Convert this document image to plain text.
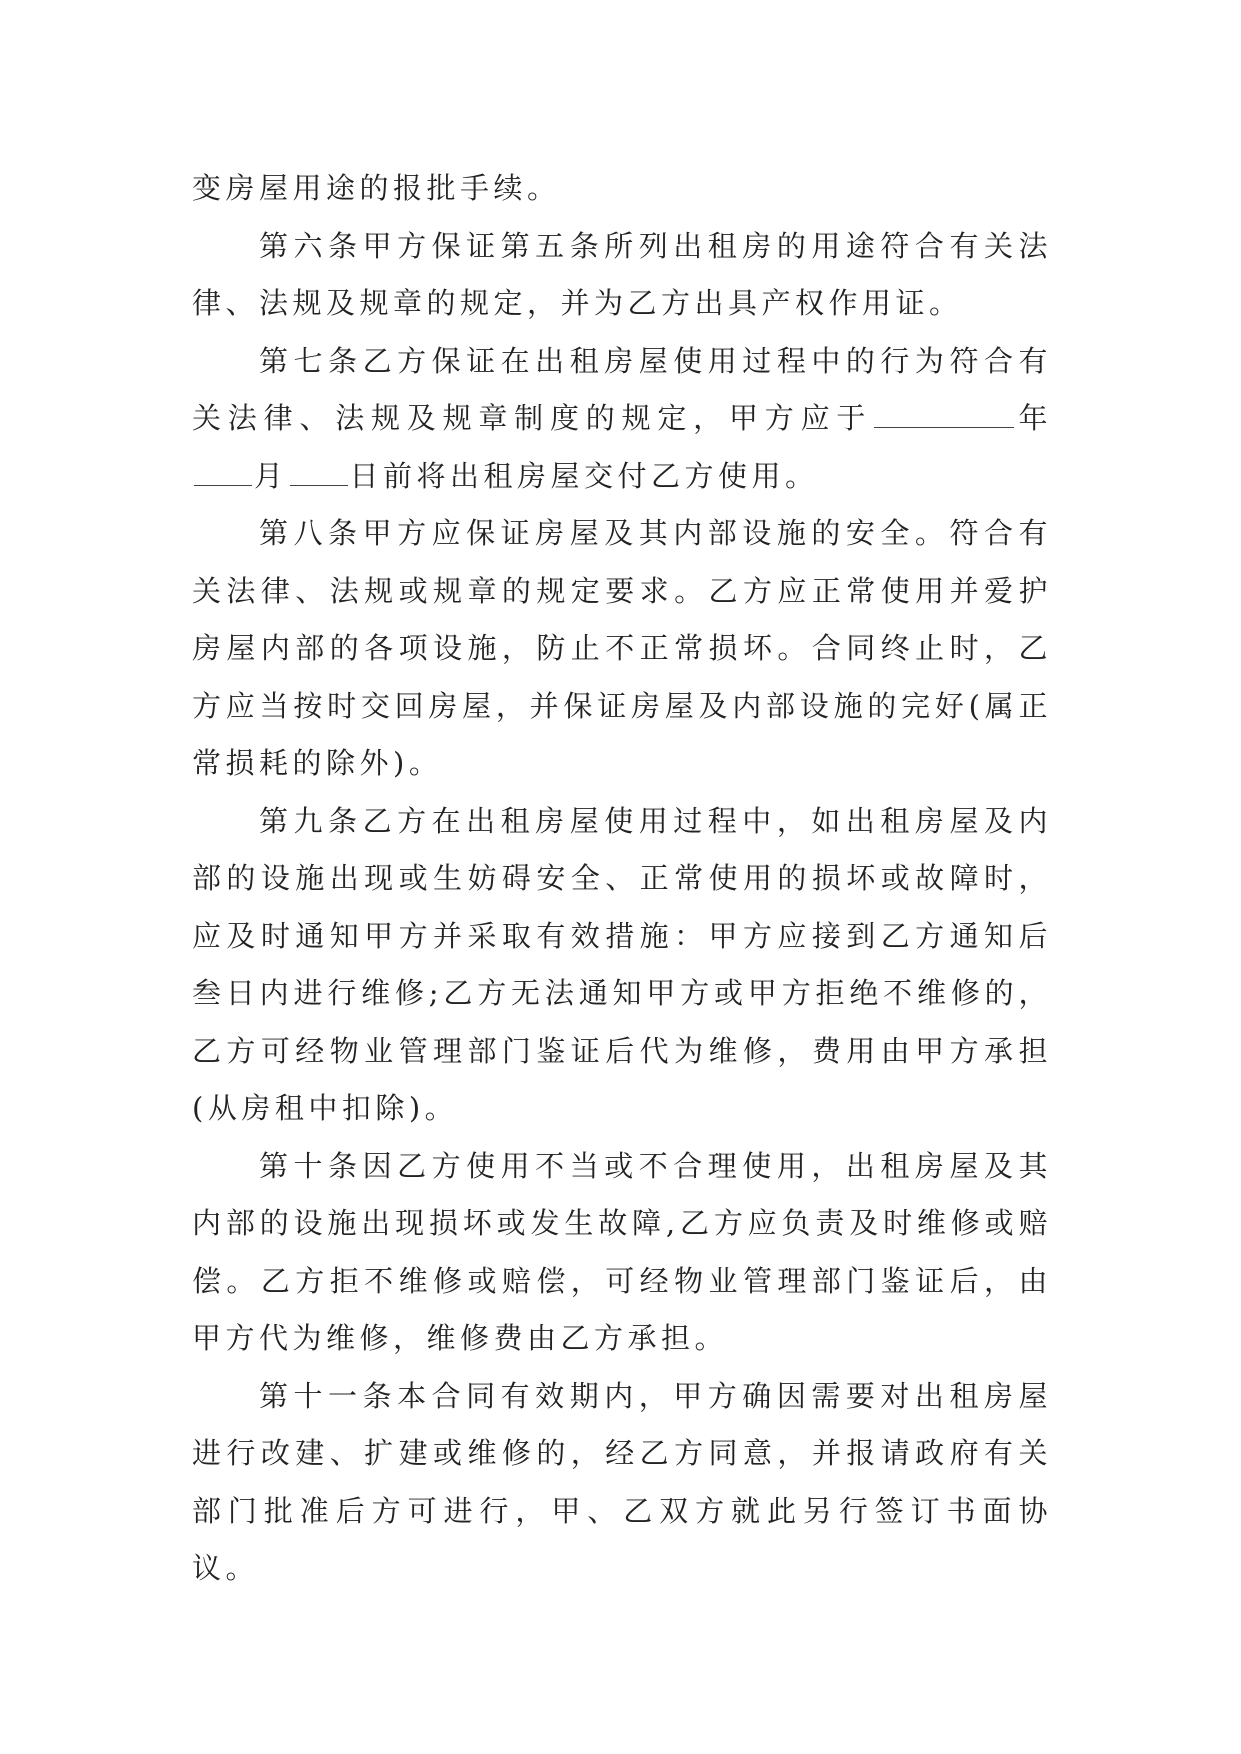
变房屋用途的报批手续。

第六条甲方保证第五条所列出租房的用途符合有关法律、法规及规章的规定，并为乙方出具产权作用证。

第七条乙方保证在出租房屋使用过程中的行为符合有关法律、法规及规章制度的规定，甲方应于	年月 日前将出租房屋交付乙方使用。

第八条甲方应保证房屋及其内部设施的安全。符合有关法律、法规或规章的规定要求。乙方应正常使用并爱护房屋内部的各项设施，防止不正常损坏。合同终止时，乙方应当按时交回房屋，并保证房屋及内部设施的完好(属正常损耗的除外)。

第九条乙方在出租房屋使用过程中，如出租房屋及内部的设施出现或生妨碍安全、正常使用的损坏或故障时，应及时通知甲方并采取有效措施：甲方应接到乙方通知后叁日内进行维修;乙方无法通知甲方或甲方拒绝不维修的，乙方可经物业管理部门鉴证后代为维修，费用由甲方承担(从房租中扣除)。

第十条因乙方使用不当或不合理使用，出租房屋及其内部的设施出现损坏或发生故障,乙方应负责及时维修或赔偿。乙方拒不维修或赔偿，可经物业管理部门鉴证后，由甲方代为维修，维修费由乙方承担。

第十一条本合同有效期内，甲方确因需要对出租房屋进行改建、扩建或维修的，经乙方同意，并报请政府有关部门批准后方可进行，甲、乙双方就此另行签订书面协议。
